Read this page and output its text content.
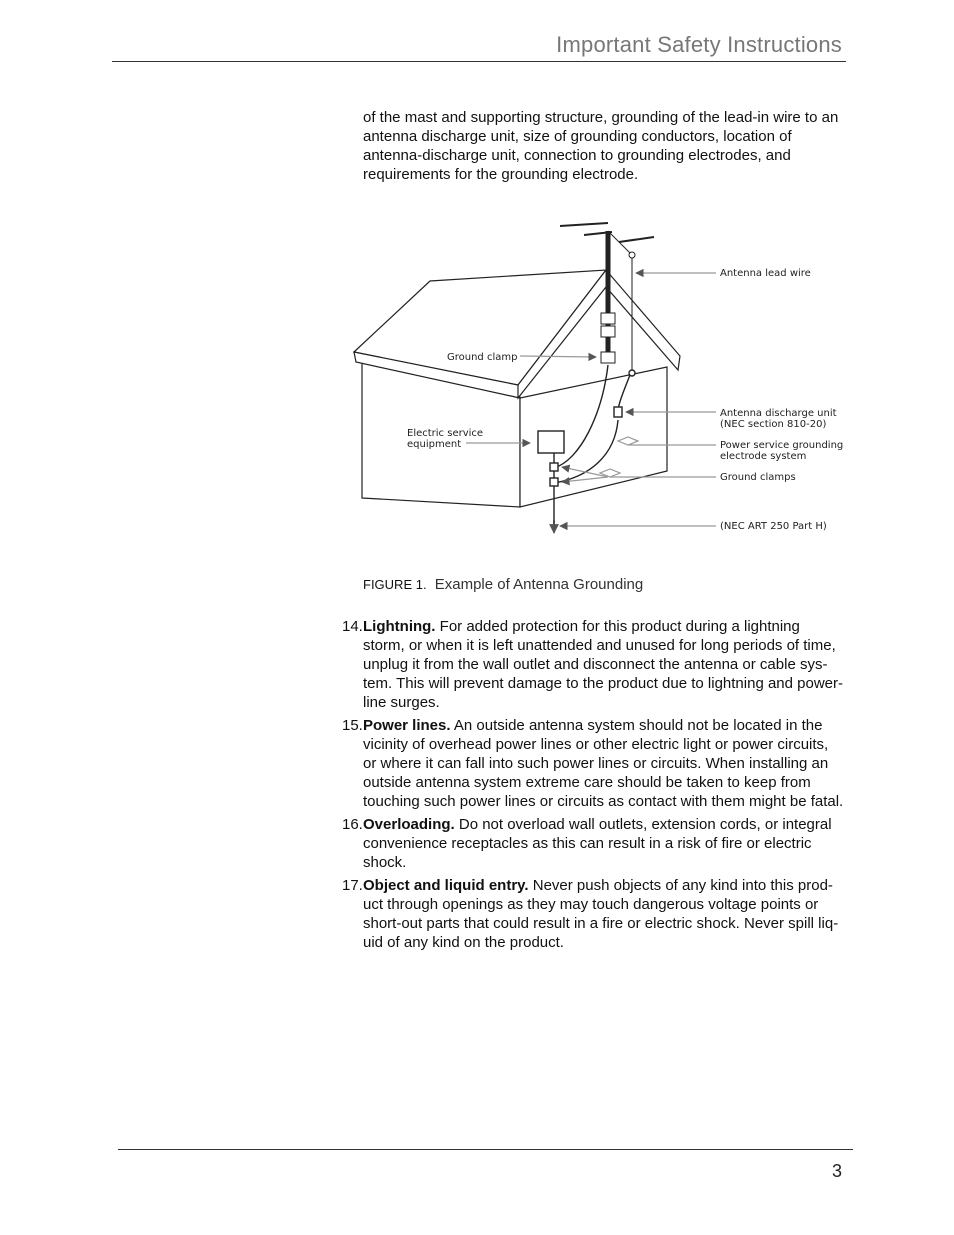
Important Safety Instructions

of the mast and supporting structure, grounding of the lead-in wire to an antenna discharge unit, size of grounding conductors, location of antenna-discharge unit, connection to grounding electrodes, and requirements for the grounding electrode.

Antenna lead wire
Ground clamp
Electric service
equipment
Antenna discharge unit
(NEC section 810-20)
Power service grounding
electrode system
Ground clamps
(NEC ART 250 Part H)
FIGURE 1. Example of Antenna Grounding
14. Lightning. For added protection for this product during a lightning storm, or when it is left unattended and unused for long periods of time, unplug it from the wall outlet and disconnect the antenna or cable sys-tem. This will prevent damage to the product due to lightning and power-line surges.
15. Power lines. An outside antenna system should not be located in the vicinity of overhead power lines or other electric light or power circuits, or where it can fall into such power lines or circuits. When installing an outside antenna system extreme care should be taken to keep from touching such power lines or circuits as contact with them might be fatal.
16. Overloading. Do not overload wall outlets, extension cords, or integral convenience receptacles as this can result in a risk of fire or electric shock.
17. Object and liquid entry. Never push objects of any kind into this prod-uct through openings as they may touch dangerous voltage points or short-out parts that could result in a fire or electric shock. Never spill liq-uid of any kind on the product.
3
